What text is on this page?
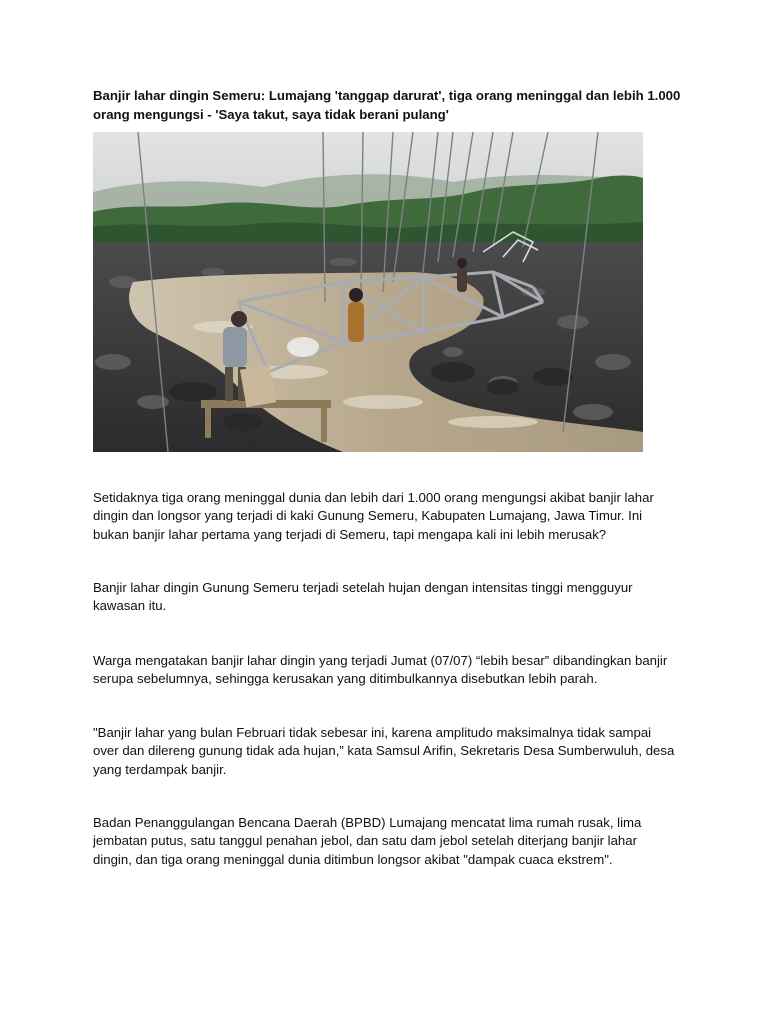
Banjir lahar dingin Semeru: Lumajang 'tanggap darurat', tiga orang meninggal dan lebih 1.000 orang mengungsi - 'Saya takut, saya tidak berani pulang'

Setidaknya tiga orang meninggal dunia dan lebih dari 1.000 orang mengungsi akibat banjir lahar dingin dan longsor yang terjadi di kaki Gunung Semeru, Kabupaten Lumajang, Jawa Timur. Ini bukan banjir lahar pertama yang terjadi di Semeru, tapi mengapa kali ini lebih merusak?

Banjir lahar dingin Gunung Semeru terjadi setelah hujan dengan intensitas tinggi mengguyur kawasan itu.

Warga mengatakan banjir lahar dingin yang terjadi Jumat (07/07) “lebih besar” dibandingkan banjir serupa sebelumnya, sehingga kerusakan yang ditimbulkannya disebutkan lebih parah.

"Banjir lahar yang bulan Februari tidak sebesar ini, karena amplitudo maksimalnya tidak sampai over dan dilereng gunung tidak ada hujan,” kata Samsul Arifin, Sekretaris Desa Sumberwuluh, desa yang terdampak banjir.

Badan Penanggulangan Bencana Daerah (BPBD) Lumajang mencatat lima rumah rusak, lima jembatan putus, satu tanggul penahan jebol, dan satu dam jebol setelah diterjang banjir lahar dingin, dan tiga orang meninggal dunia ditimbun longsor akibat "dampak cuaca ekstrem".
